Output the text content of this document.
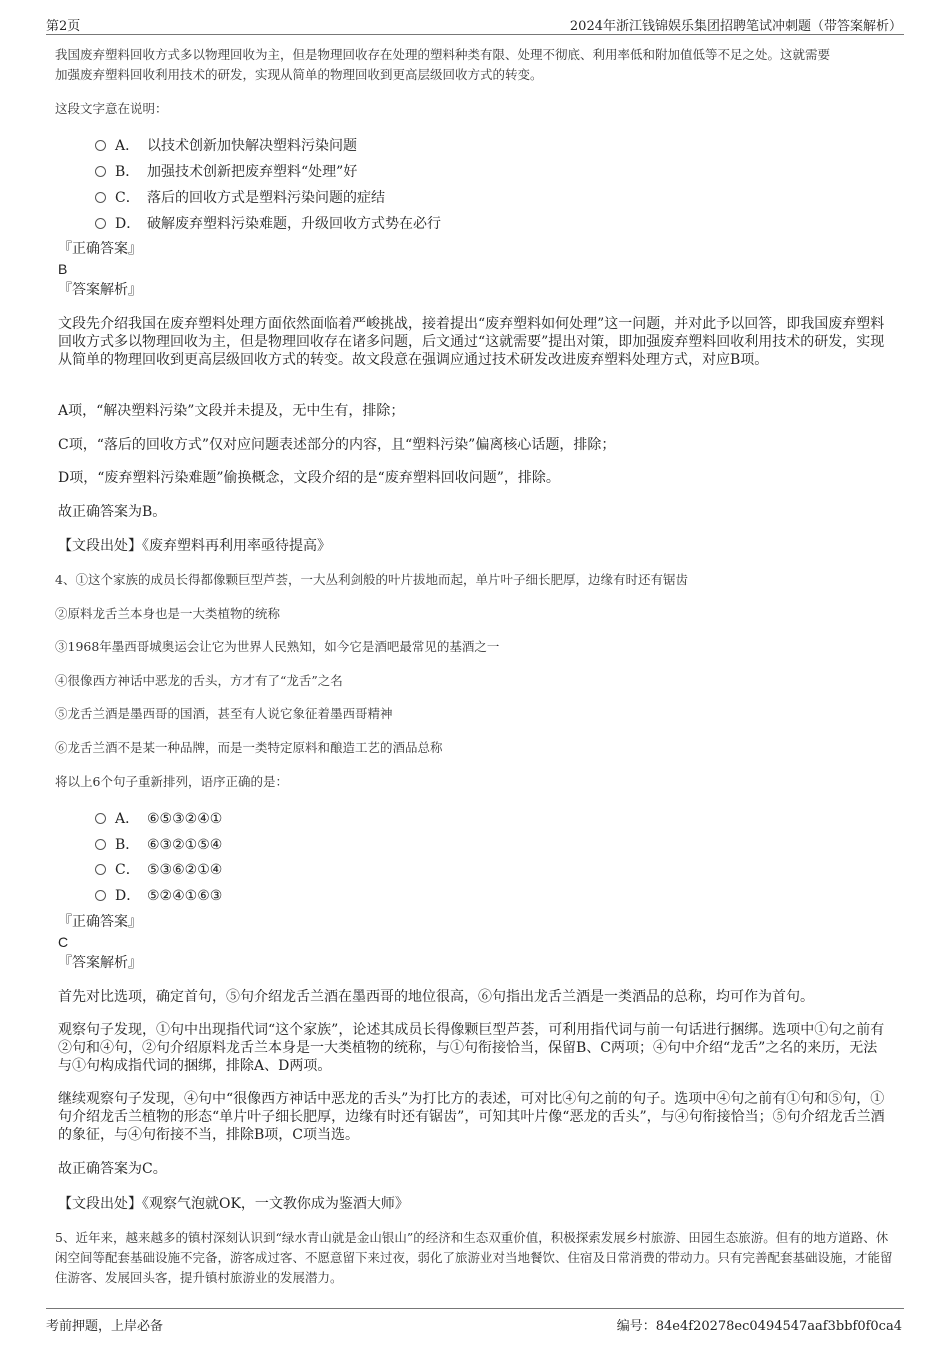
第2页	2024年浙江钱锦娱乐集团招聘笔试冲刺题（带答案解析）
我国废弃塑料回收方式多以物理回收为主，但是物理回收存在处理的塑料种类有限、处理不彻底、利用率低和附加值低等不足之处。这就需要
加强废弃塑料回收利用技术的研发，实现从简单的物理回收到更高层级回收方式的转变。
这段文字意在说明：
A． 以技术创新加快解决塑料污染问题
B． 加强技术创新把废弃塑料“处理”好
C． 落后的回收方式是塑料污染问题的症结
D． 破解废弃塑料污染难题，升级回收方式势在必行
『正确答案』
B
『答案解析』
文段先介绍我国在废弃塑料处理方面依然面临着严峻挑战，接着提出“废弃塑料如何处理”这一问题，并对此予以回答，即我国废弃塑料回收方式多以物理回收为主，但是物理回收存在诸多问题，后文通过“这就需要”提出对策，即加强废弃塑料回收利用技术的研发，实现从简单的物理回收到更高层级回收方式的转变。故文段意在强调应通过技术研发改进废弃塑料处理方式，对应B项。
A项，“解决塑料污染”文段并未提及，无中生有，排除；
C项，“落后的回收方式”仅对应问题表述部分的内容，且“塑料污染”偏离核心话题，排除；
D项，“废弃塑料污染难题”偷换概念，文段介绍的是“废弃塑料回收问题”，排除。
故正确答案为B。
【文段出处】《废弃塑料再利用率亟待提高》
4、①这个家族的成员长得都像颗巨型芦荟，一大丛利剑般的叶片拔地而起，单片叶子细长肥厚，边缘有时还有锯齿
②原料龙舌兰本身也是一大类植物的统称
③1968年墨西哥城奥运会让它为世界人民熟知，如今它是酒吧最常见的基酒之一
④很像西方神话中恶龙的舌头，方才有了“龙舌”之名
⑤龙舌兰酒是墨西哥的国酒，甚至有人说它象征着墨西哥精神
⑥龙舌兰酒不是某一种品牌，而是一类特定原料和酿造工艺的酒品总称
将以上6个句子重新排列，语序正确的是：
A． ⑥⑤③②④①
B． ⑥③②①⑤④
C． ⑤③⑥②①④
D． ⑤②④①⑥③
『正确答案』
C
『答案解析』
首先对比选项，确定首句，⑤句介绍龙舌兰酒在墨西哥的地位很高，⑥句指出龙舌兰酒是一类酒品的总称，均可作为首句。
观察句子发现，①句中出现指代词“这个家族”，论述其成员长得像颗巨型芦荟，可利用指代词与前一句话进行捆绑。选项中①句之前有②句和④句，②句介绍原料龙舌兰本身是一大类植物的统称，与①句衔接恰当，保留B、C两项；④句中介绍“龙舌”之名的来历，无法与①句构成指代词的捆绑，排除A、D两项。
继续观察句子发现，④句中“很像西方神话中恶龙的舌头”为打比方的表述，可对比④句之前的句子。选项中④句之前有①句和⑤句，①句介绍龙舌兰植物的形态“单片叶子细长肥厚，边缘有时还有锯齿”，可知其叶片像“恶龙的舌头”，与④句衔接恰当；⑤句介绍龙舌兰酒的象征，与④句衔接不当，排除B项，C项当选。
故正确答案为C。
【文段出处】《观察气泡就OK，一文教你成为鉴酒大师》
5、近年来，越来越多的镇村深刻认识到“绿水青山就是金山银山”的经济和生态双重价值，积极探索发展乡村旅游、田园生态旅游。但有的地方道路、休闲空间等配套基础设施不完备，游客成过客、不愿意留下来过夜，弱化了旅游业对当地餐饮、住宿及日常消费的带动力。只有完善配套基础设施，才能留住游客、发展回头客，提升镇村旅游业的发展潜力。
考前押题，上岸必备	编号：84e4f20278ec0494547aaf3bbf0f0ca4
